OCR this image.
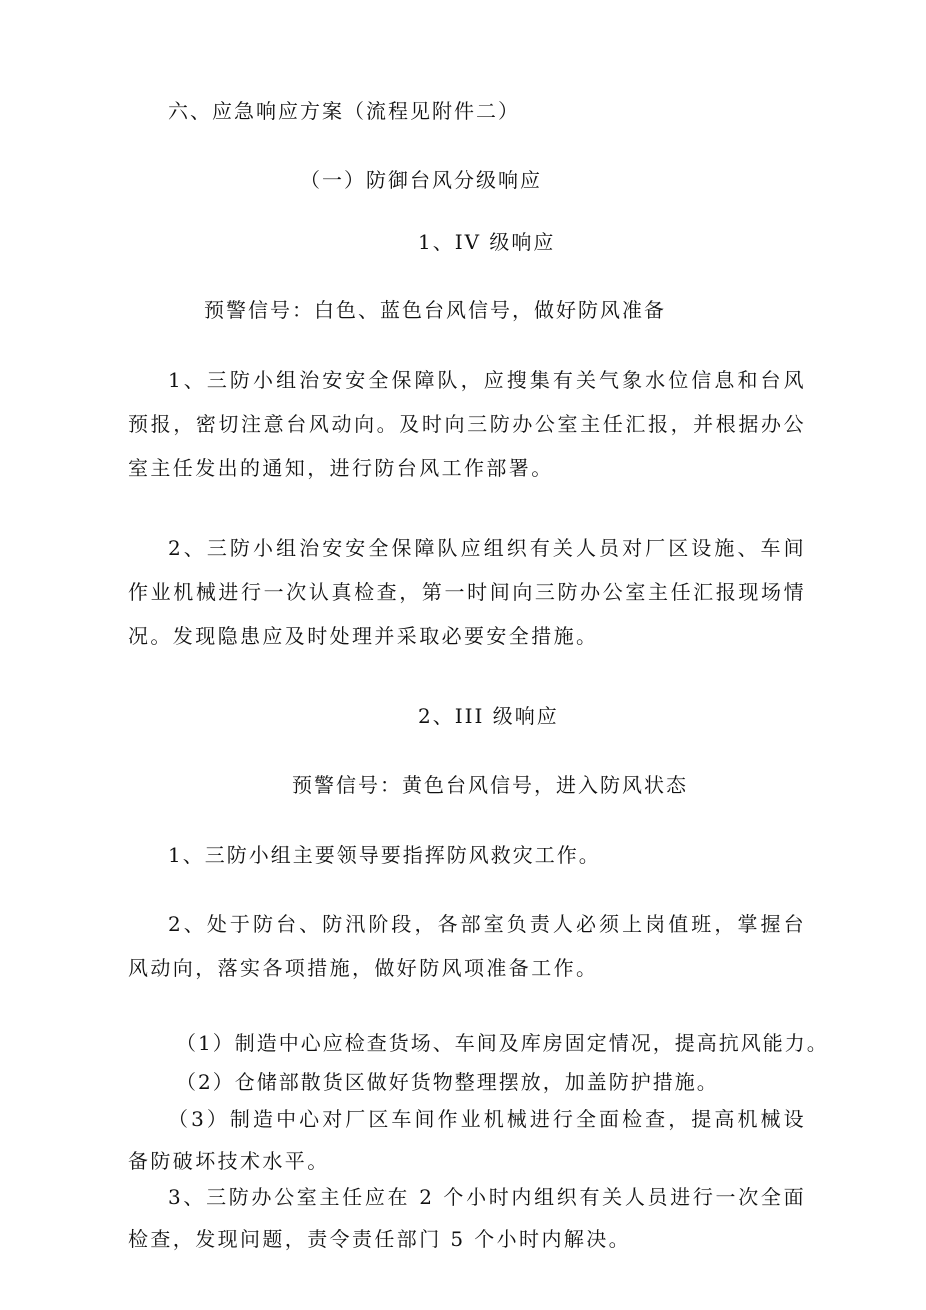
六、应急响应方案（流程见附件二）
（一）防御台风分级响应
1、IV 级响应
预警信号：白色、蓝色台风信号，做好防风准备
1、三防小组治安安全保障队，应搜集有关气象水位信息和台风预报，密切注意台风动向。及时向三防办公室主任汇报，并根据办公室主任发出的通知，进行防台风工作部署。
2、三防小组治安安全保障队应组织有关人员对厂区设施、车间作业机械进行一次认真检查，第一时间向三防办公室主任汇报现场情况。发现隐患应及时处理并采取必要安全措施。
2、III 级响应
预警信号：黄色台风信号，进入防风状态
1、三防小组主要领导要指挥防风救灾工作。
2、处于防台、防汛阶段，各部室负责人必须上岗值班，掌握台风动向，落实各项措施，做好防风项准备工作。
（1）制造中心应检查货场、车间及库房固定情况，提高抗风能力。
（2）仓储部散货区做好货物整理摆放，加盖防护措施。
（3）制造中心对厂区车间作业机械进行全面检查，提高机械设备防破坏技术水平。
3、三防办公室主任应在 2 个小时内组织有关人员进行一次全面检查，发现问题，责令责任部门 5 个小时内解决。
